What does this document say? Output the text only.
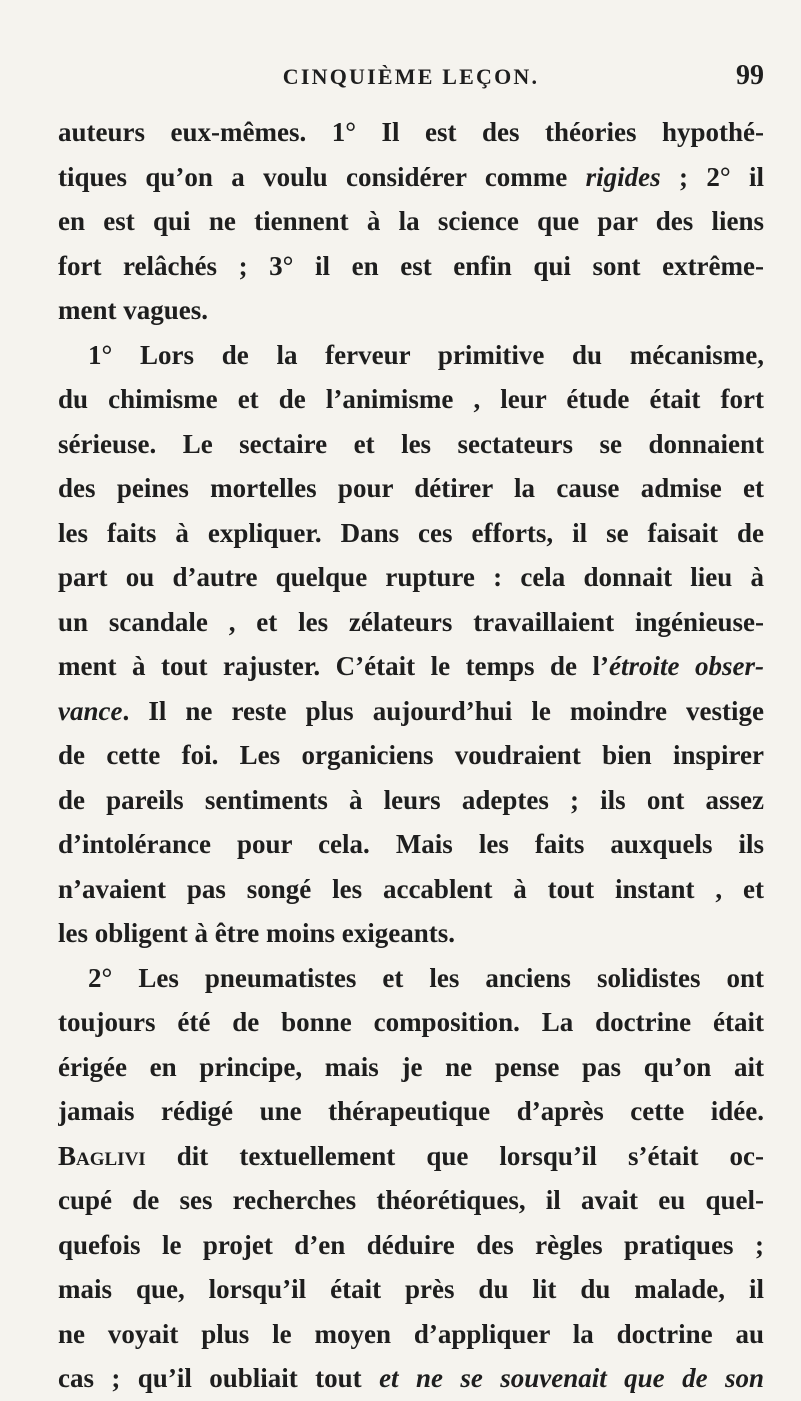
CINQUIÈME LEÇON.	99
auteurs eux-mêmes. 1° Il est des théories hypothé-
tiques qu’on a voulu considérer comme rigides ; 2° il
en est qui ne tiennent à la science que par des liens
fort relâchés ; 3° il en est enfin qui sont extrême-
ment vagues.
1° Lors de la ferveur primitive du mécanisme,
du chimisme et de l’animisme , leur étude était fort
sérieuse. Le sectaire et les sectateurs se donnaient
des peines mortelles pour détirer la cause admise et
les faits à expliquer. Dans ces efforts, il se faisait de
part ou d’autre quelque rupture : cela donnait lieu à
un scandale , et les zélateurs travaillaient ingénieuse-
ment à tout rajuster. C’était le temps de l’étroite obser-
vance. Il ne reste plus aujourd’hui le moindre vestige
de cette foi. Les organiciens voudraient bien inspirer
de pareils sentiments à leurs adeptes ; ils ont assez
d’intolérance pour cela. Mais les faits auxquels ils
n’avaient pas songé les accablent à tout instant , et
les obligent à être moins exigeants.
2° Les pneumatistes et les anciens solidistes ont
toujours été de bonne composition. La doctrine était
érigée en principe, mais je ne pense pas qu’on ait
jamais rédigé une thérapeutique d’après cette idée.
Baglivi dit textuellement que lorsqu’il s’était oc-
cupé de ses recherches théorétiques, il avait eu quel-
quefois le projet d’en déduire des règles pratiques ;
mais que, lorsqu’il était près du lit du malade, il
ne voyait plus le moyen d’appliquer la doctrine au
cas ; qu’il oubliait tout et ne se souvenait que de son
